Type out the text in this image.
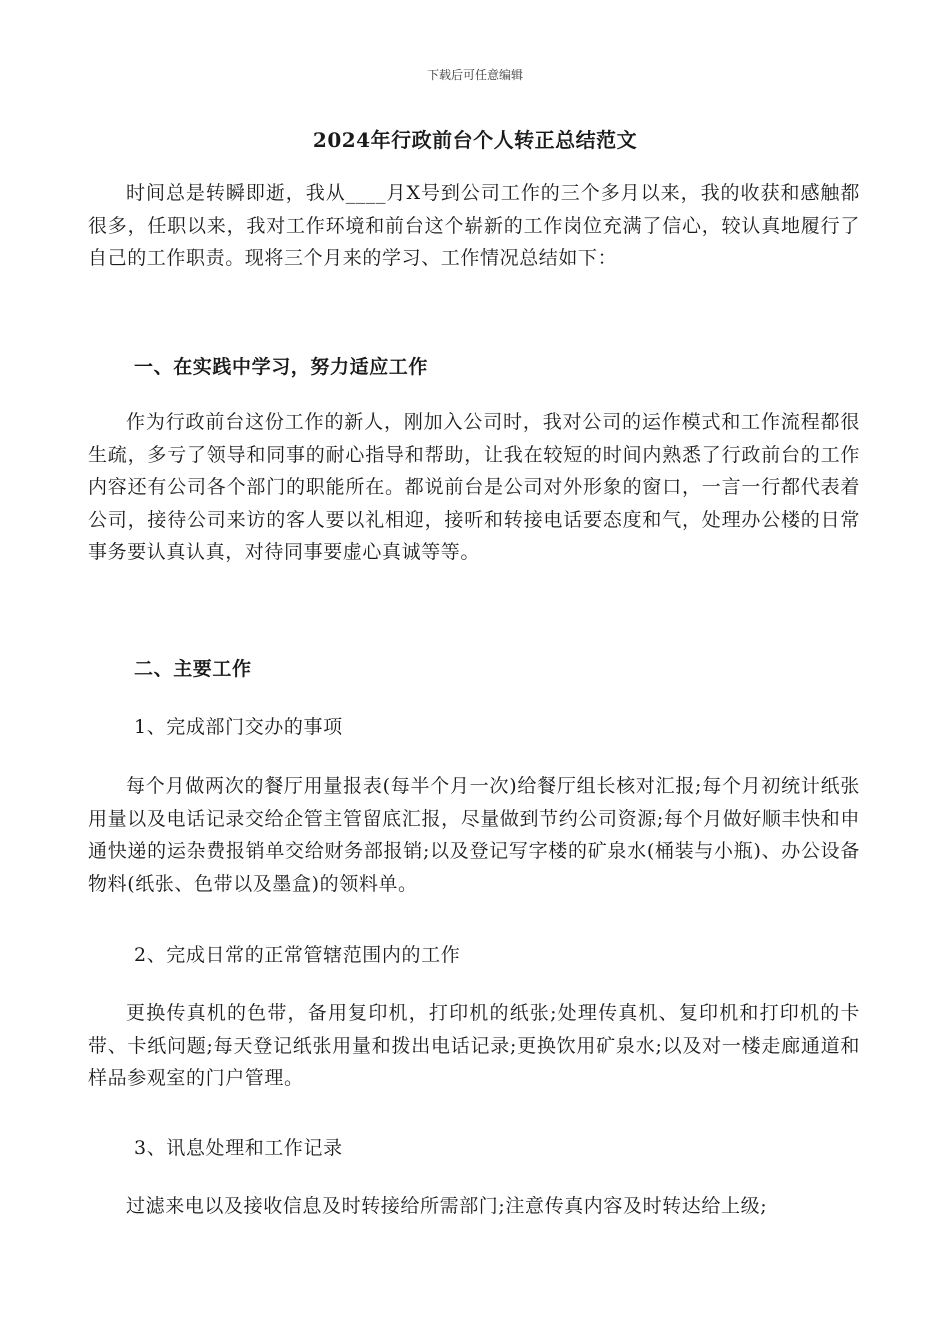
下载后可任意编辑
2024年行政前台个人转正总结范文

时间总是转瞬即逝，我从____月X号到公司工作的三个多月以来，我的收获和感触都很多，任职以来，我对工作环境和前台这个崭新的工作岗位充满了信心，较认真地履行了自己的工作职责。现将三个月来的学习、工作情况总结如下：

一、在实践中学习，努力适应工作

作为行政前台这份工作的新人，刚加入公司时，我对公司的运作模式和工作流程都很生疏，多亏了领导和同事的耐心指导和帮助，让我在较短的时间内熟悉了行政前台的工作内容还有公司各个部门的职能所在。都说前台是公司对外形象的窗口，一言一行都代表着公司，接待公司来访的客人要以礼相迎，接听和转接电话要态度和气，处理办公楼的日常事务要认真认真，对待同事要虚心真诚等等。

二、主要工作

1、完成部门交办的事项

每个月做两次的餐厅用量报表(每半个月一次)给餐厅组长核对汇报;每个月初统计纸张用量以及电话记录交给企管主管留底汇报，尽量做到节约公司资源;每个月做好顺丰快和申通快递的运杂费报销单交给财务部报销;以及登记写字楼的矿泉水(桶装与小瓶)、办公设备物料(纸张、色带以及墨盒)的领料单。

2、完成日常的正常管辖范围内的工作

更换传真机的色带，备用复印机，打印机的纸张;处理传真机、复印机和打印机的卡带、卡纸问题;每天登记纸张用量和拨出电话记录;更换饮用矿泉水;以及对一楼走廊通道和样品参观室的门户管理。

3、讯息处理和工作记录

过滤来电以及接收信息及时转接给所需部门;注意传真内容及时转达给上级;
